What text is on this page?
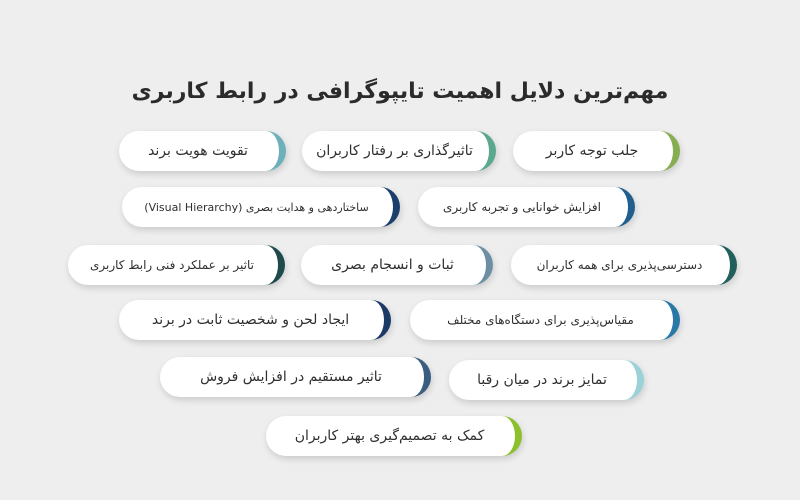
مهم‌ترین دلایل اهمیت تایپوگرافی در رابط کاربری
جلب توجه کاربر
تاثیرگذاری بر رفتار کاربران
تقویت هویت برند
افزایش خوانایی و تجربه کاربری
ساختاردهی و هدایت بصری (Visual Hierarchy)
دسترسی‌پذیری برای همه کاربران
ثبات و انسجام بصری
تاثیر بر عملکرد فنی رابط کاربری
مقیاس‌پذیری برای دستگاه‌های مختلف
ایجاد لحن و شخصیت ثابت در برند
تمایز برند در میان رقبا
تاثیر مستقیم در افزایش فروش
کمک به تصمیم‌گیری بهتر کاربران
